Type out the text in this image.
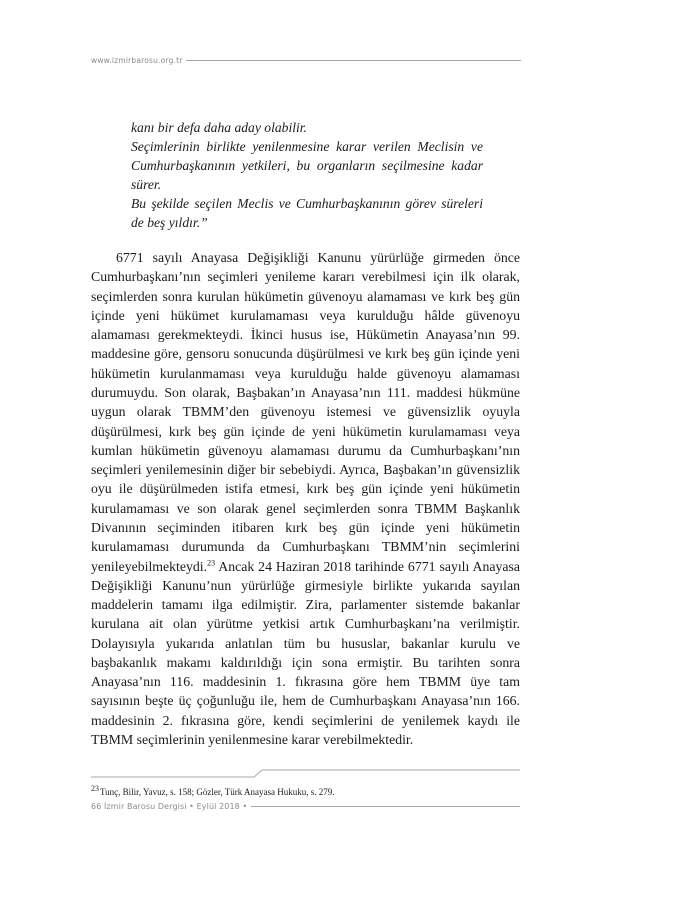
www.izmirbarosu.org.tr

kanı bir defa daha aday olabilir.

Seçimlerinin birlikte yenilenmesine karar verilen Meclisin ve Cumhurbaşkanının yetkileri, bu organların seçilmesine kadar sürer.

Bu şekilde seçilen Meclis ve Cumhurbaşkanının görev süreleri de beş yıldır.”

6771 sayılı Anayasa Değişikliği Kanunu yürürlüğe girmeden önce Cumhurbaşkanı’nın seçimleri yenileme kararı verebilmesi için ilk olarak, seçimlerden sonra kurulan hükümetin güvenoyu alamaması ve kırk beş gün içinde yeni hükümet kurulamaması veya kurulduğu hâlde güvenoyu alamaması gerekmekteydi. İkinci husus ise, Hükümetin Anayasa’nın 99. maddesine göre, gensoru sonucunda düşürülmesi ve kırk beş gün içinde yeni hükümetin kurulanmaması veya kurulduğu halde güvenoyu alamaması durumuydu. Son olarak, Başbakan’ın Anayasa’nın 111. maddesi hükmüne uygun olarak TBMM’den güvenoyu istemesi ve güvensizlik oyuyla düşürülmesi, kırk beş gün içinde de yeni hükümetin kurulamaması veya kumlan hükümetin güvenoyu alamaması durumu da Cumhurbaşkanı’nın seçimleri yenilemesinin diğer bir sebebiydi. Ayrıca, Başbakan’ın güvensizlik oyu ile düşürülmeden istifa etmesi, kırk beş gün içinde yeni hükümetin kurulamaması ve son olarak genel seçimlerden sonra TBMM Başkanlık Divanının seçiminden itibaren kırk beş gün içinde yeni hükümetin kurulamaması durumunda da Cumhurbaşkanı TBMM’nin seçimlerini yenileyebilmekteydi.$^{23}$ Ancak 24 Haziran 2018 tarihinde 6771 sayılı Anayasa Değişikliği Kanunu’nun yürürlüğe girmesiyle birlikte yukarıda sayılan maddelerin tamamı ilga edilmiştir. Zira, parlamenter sistemde bakanlar kurulana ait olan yürütme yetkisi artık Cumhurbaşkanı’na verilmiştir. Dolayısıyla yukarıda anlatılan tüm bu hususlar, bakanlar kurulu ve başbakanlık makamı kaldırıldığı için sona ermiştir. Bu tarihten sonra Anayasa’nın 116. maddesinin 1. fıkrasına göre hem TBMM üye tam sayısının beşte üç çoğunluğu ile, hem de Cumhurbaşkanı Anayasa’nın 166. maddesinin 2. fıkrasına göre, kendi seçimlerini de yenilemek kaydı ile TBMM seçimlerinin yenilenmesine karar verebilmektedir.

23Tunç, Bilir, Yavuz, s. 158; Gözler, Türk Anayasa Hukuku, s. 279.
66 İzmir Barosu Dergisi • Eylül 2018 •
